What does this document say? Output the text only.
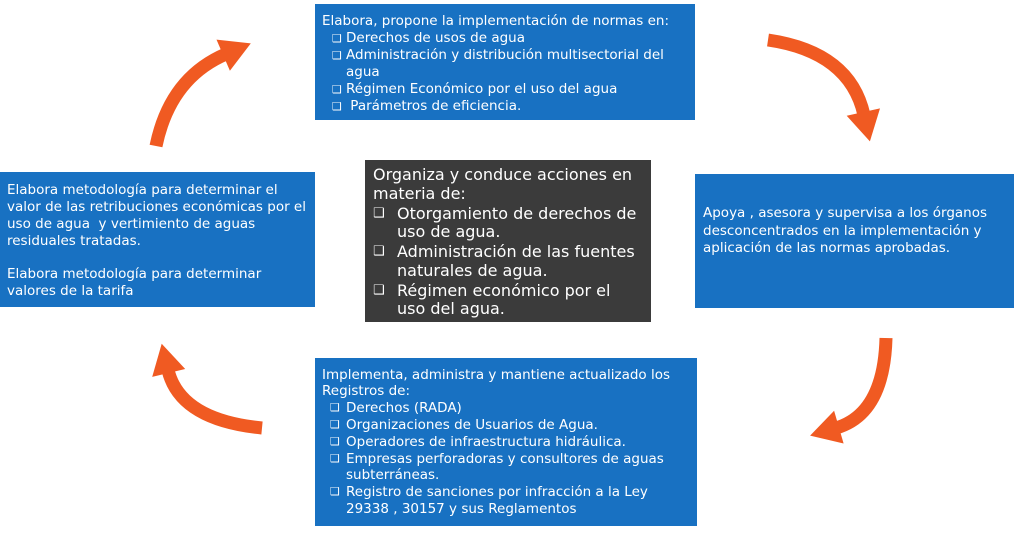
Elabora, propone la implementación de normas en:
❑
Derechos de usos de agua
❑
Administración y distribución multisectorial del agua
❑
Régimen Económico por el uso del agua
❑
Parámetros de eficiencia.
Elabora metodología para determinar el valor de las retribuciones económicas por el uso de agua  y vertimiento de aguas residuales tratadas.
Elabora metodología para determinar valores de la tarifa
Organiza y conduce acciones en materia de:
❑
Otorgamiento de derechos de uso de agua.
❑
Administración de las fuentes naturales de agua.
❑
Régimen económico por el uso del agua.
Apoya , asesora y supervisa a los órganos desconcentrados en la implementación y aplicación de las normas aprobadas.
Implementa, administra y mantiene actualizado los Registros de:
❑
Derechos (RADA)
❑
Organizaciones de Usuarios de Agua.
❑
Operadores de infraestructura hidráulica.
❑
Empresas perforadoras y consultores de aguas subterráneas.
❑
Registro de sanciones por infracción a la Ley 29338 , 30157 y sus Reglamentos
